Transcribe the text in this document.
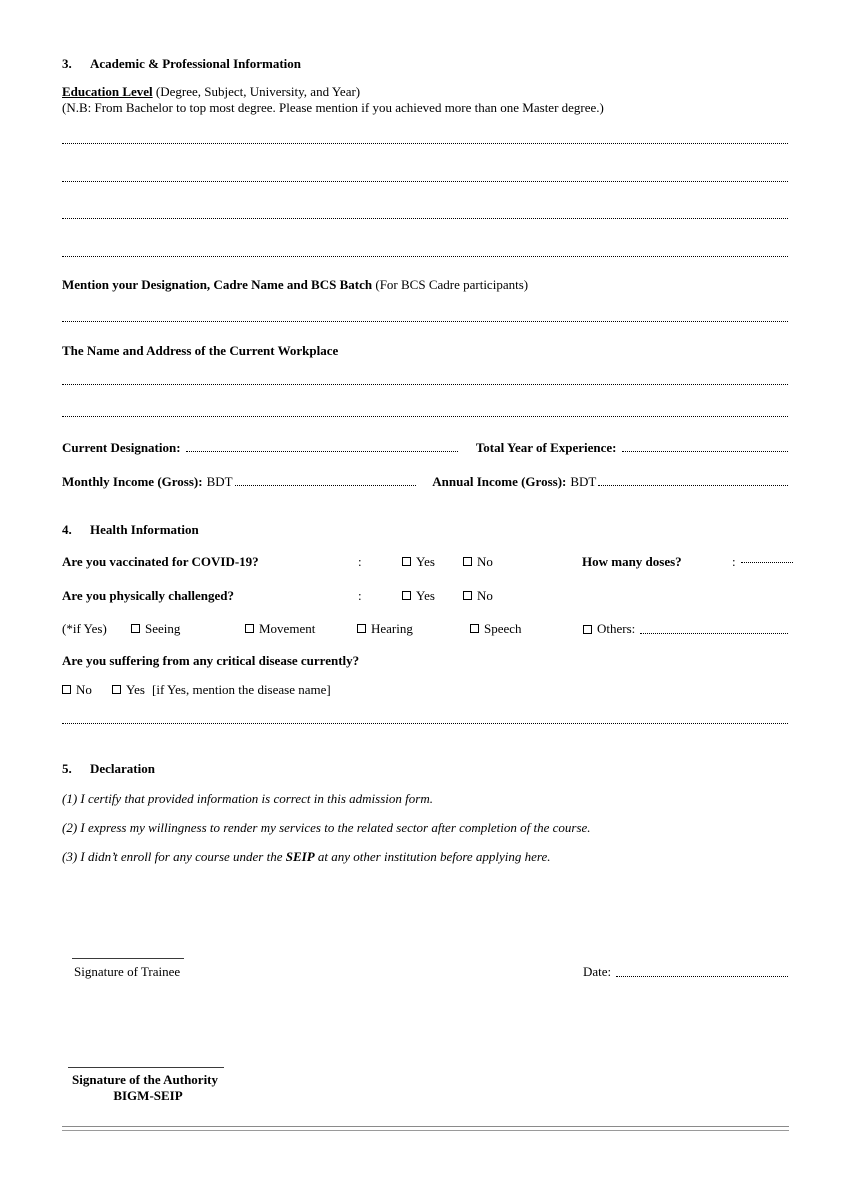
3. Academic & Professional Information
Education Level (Degree, Subject, University, and Year)
(N.B: From Bachelor to top most degree. Please mention if you achieved more than one Master degree.)
Mention your Designation, Cadre Name and BCS Batch (For BCS Cadre participants)
The Name and Address of the Current Workplace
Current Designation:	Total Year of Experience:
Monthly Income (Gross): BDT	Annual Income (Gross): BDT
4. Health Information
Are you vaccinated for COVID-19?	:	Yes	No	How many doses?	:
Are you physically challenged?	:	Yes	No
(*if Yes)	Seeing	Movement	Hearing	Speech	Others:
Are you suffering from any critical disease currently?
No	Yes [if Yes, mention the disease name]
5. Declaration
(1) I certify that provided information is correct in this admission form.
(2) I express my willingness to render my services to the related sector after completion of the course.
(3) I didn’t enroll for any course under the SEIP at any other institution before applying here.
Signature of Trainee	Date:
Signature of the Authority
BIGM-SEIP
